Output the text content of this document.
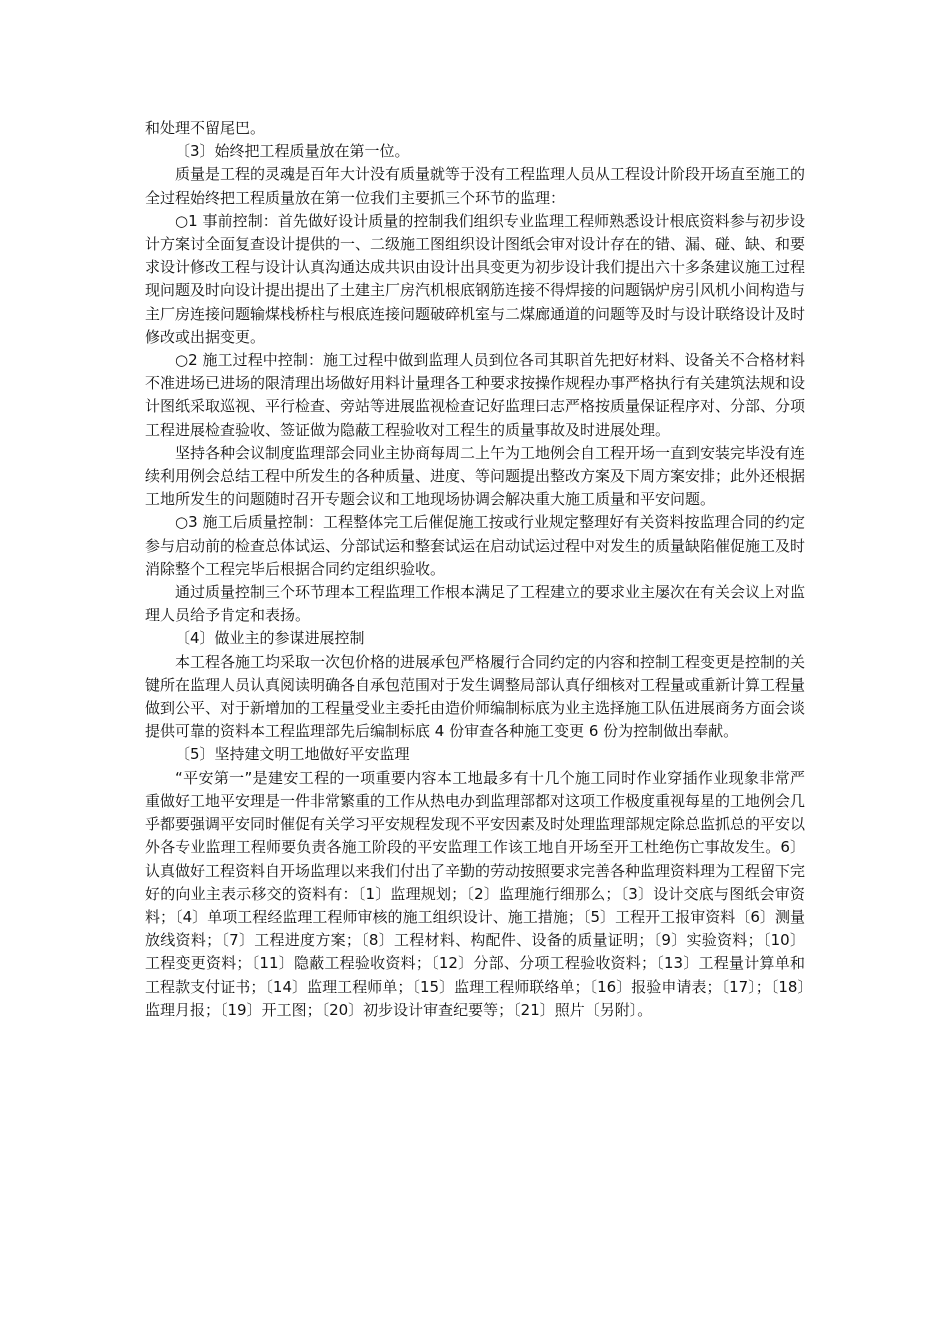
和处理不留尾巴。

〔3〕始终把工程质量放在第一位。

质量是工程的灵魂是百年大计没有质量就等于没有工程监理人员从工程设计阶段开场直至施工的全过程始终把工程质量放在第一位我们主要抓三个环节的监理：

○1 事前控制：首先做好设计质量的控制我们组织专业监理工程师熟悉设计根底资料参与初步设计方案讨全面复查设计提供的一、二级施工图组织设计图纸会审对设计存在的错、漏、碰、缺、和要求设计修改工程与设计认真沟通达成共识由设计出具变更为初步设计我们提出六十多条建议施工过程现问题及时向设计提出提出了土建主厂房汽机根底钢筋连接不得焊接的问题锅炉房引风机小间构造与主厂房连接问题输煤栈桥柱与根底连接问题破碎机室与二煤廊通道的问题等及时与设计联络设计及时修改或出据变更。

○2 施工过程中控制：施工过程中做到监理人员到位各司其职首先把好材料、设备关不合格材料不准进场已进场的限清理出场做好用料计量理各工种要求按操作规程办事严格执行有关建筑法规和设计图纸采取巡视、平行检查、旁站等进展监视检查记好监理曰志严格按质量保证程序对、分部、分项工程进展检查验收、签证做为隐蔽工程验收对工程生的质量事故及时进展处理。

坚持各种会议制度监理部会同业主协商每周二上午为工地例会自工程开场一直到安装完毕没有连续利用例会总结工程中所发生的各种质量、进度、等问题提出整改方案及下周方案安排；此外还根据工地所发生的问题随时召开专题会议和工地现场协调会解决重大施工质量和平安问题。

○3 施工后质量控制：工程整体完工后催促施工按或行业规定整理好有关资料按监理合同的约定参与启动前的检查总体试运、分部试运和整套试运在启动试运过程中对发生的质量缺陷催促施工及时消除整个工程完毕后根据合同约定组织验收。

通过质量控制三个环节理本工程监理工作根本满足了工程建立的要求业主屡次在有关会议上对监理人员给予肯定和表扬。

〔4〕做业主的参谋进展控制

本工程各施工均采取一次包价格的进展承包严格履行合同约定的内容和控制工程变更是控制的关键所在监理人员认真阅读明确各自承包范围对于发生调整局部认真仔细核对工程量或重新计算工程量做到公平、对于新增加的工程量受业主委托由造价师编制标底为业主选择施工队伍进展商务方面会谈提供可靠的资料本工程监理部先后编制标底 4 份审查各种施工变更 6 份为控制做出奉献。

〔5〕坚持建文明工地做好平安监理

“平安第一”是建安工程的一项重要内容本工地最多有十几个施工同时作业穿插作业现象非常严重做好工地平安理是一件非常繁重的工作从热电办到监理部都对这项工作极度重视每星的工地例会几乎都要强调平安同时催促有关学习平安规程发现不平安因素及时处理监理部规定除总监抓总的平安以外各专业监理工程师要负责各施工阶段的平安监理工作该工地自开场至开工杜绝伤亡事故发生。6〕认真做好工程资料自开场监理以来我们付出了辛勤的劳动按照要求完善各种监理资料理为工程留下完好的向业主表示移交的资料有：〔1〕监理规划；〔2〕监理施行细那么；〔3〕设计交底与图纸会审资料；〔4〕单项工程经监理工程师审核的施工组织设计、施工措施；〔5〕工程开工报审资料〔6〕测量放线资料；〔7〕工程进度方案；〔8〕工程材料、构配件、设备的质量证明；〔9〕实验资料；〔10〕工程变更资料；〔11〕隐蔽工程验收资料；〔12〕分部、分项工程验收资料；〔13〕工程量计算单和工程款支付证书；〔14〕监理工程师单；〔15〕监理工程师联络单；〔16〕报验申请表；〔17〕；〔18〕监理月报；〔19〕开工图；〔20〕初步设计审查纪要等；〔21〕照片〔另附〕。
